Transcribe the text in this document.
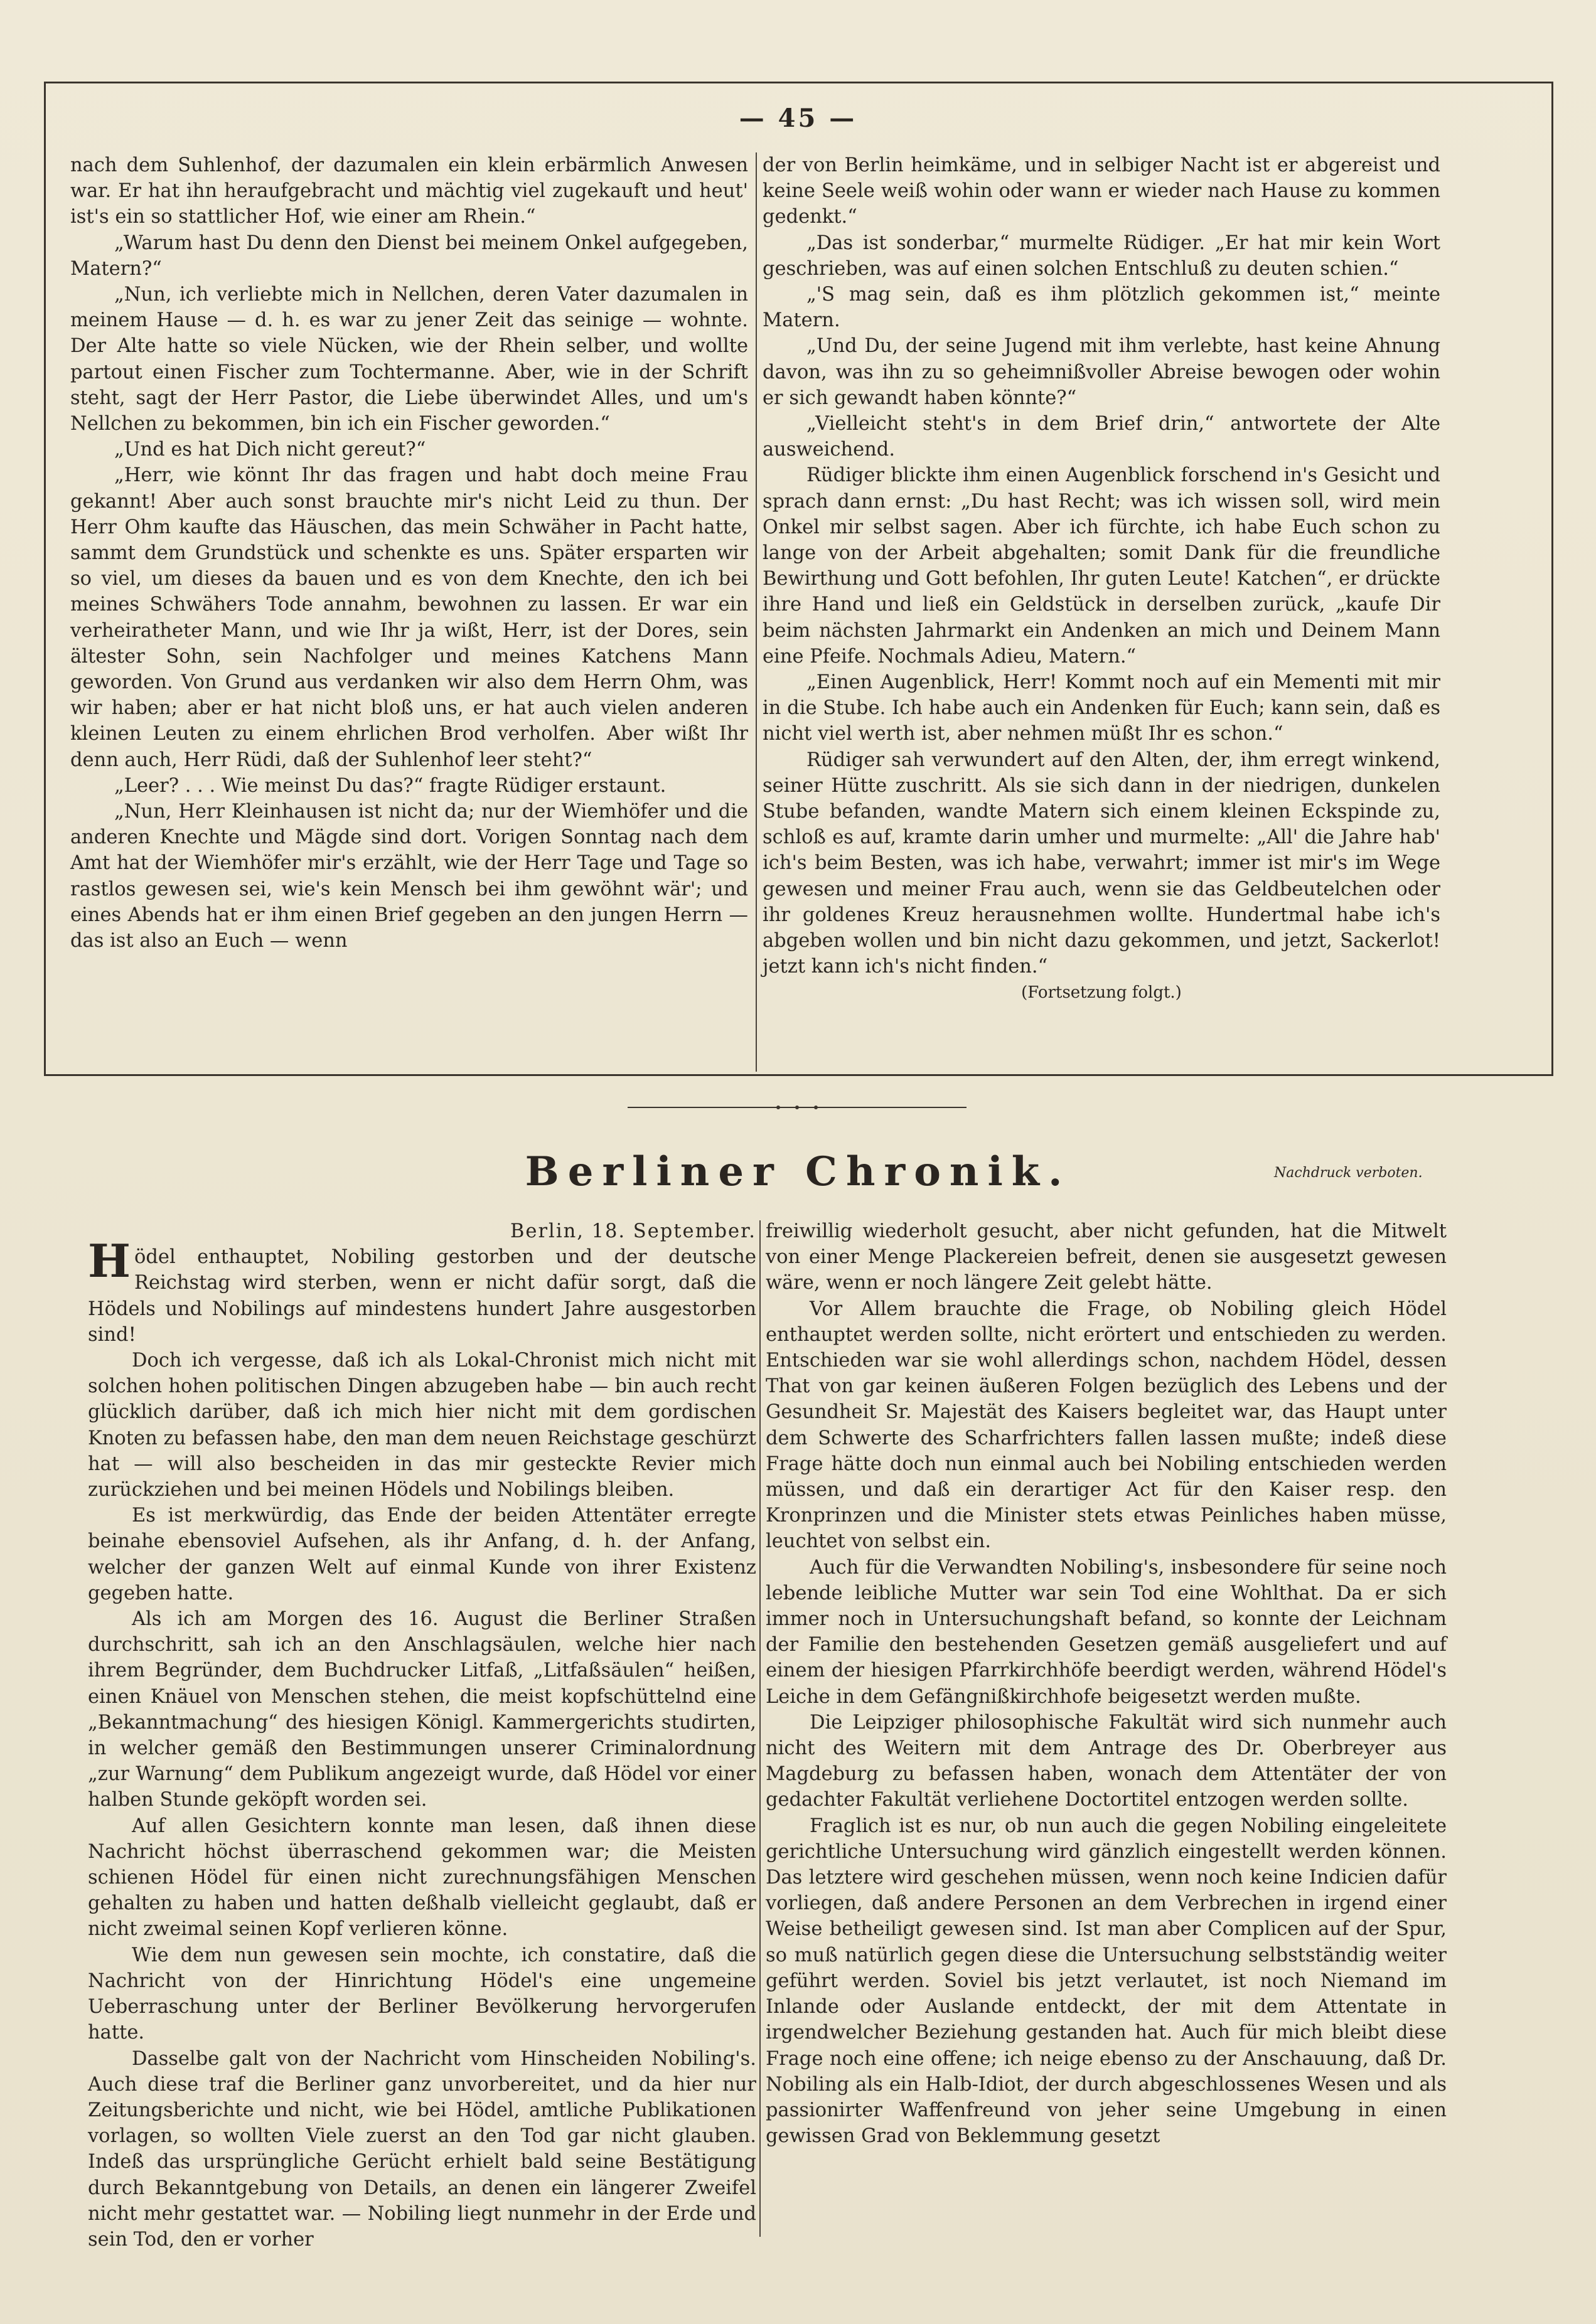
— 45 —

nach dem Suhlenhof, der dazumalen ein klein erbärmlich Anwesen war. Er hat ihn heraufgebracht und mächtig viel zugekauft und heut' ist's ein so stattlicher Hof, wie einer am Rhein.“

„Warum hast Du denn den Dienst bei meinem Onkel aufgegeben, Matern?“

„Nun, ich verliebte mich in Nellchen, deren Vater dazumalen in meinem Hause — d. h. es war zu jener Zeit das seinige — wohnte. Der Alte hatte so viele Nücken, wie der Rhein selber, und wollte partout einen Fischer zum Tochtermanne. Aber, wie in der Schrift steht, sagt der Herr Pastor, die Liebe überwindet Alles, und um's Nellchen zu bekommen, bin ich ein Fischer geworden.“

„Und es hat Dich nicht gereut?“

„Herr, wie könnt Ihr das fragen und habt doch meine Frau gekannt! Aber auch sonst brauchte mir's nicht Leid zu thun. Der Herr Ohm kaufte das Häuschen, das mein Schwäher in Pacht hatte, sammt dem Grundstück und schenkte es uns. Später ersparten wir so viel, um dieses da bauen und es von dem Knechte, den ich bei meines Schwähers Tode annahm, bewohnen zu lassen. Er war ein verheiratheter Mann, und wie Ihr ja wißt, Herr, ist der Dores, sein ältester Sohn, sein Nachfolger und meines Katchens Mann geworden. Von Grund aus verdanken wir also dem Herrn Ohm, was wir haben; aber er hat nicht bloß uns, er hat auch vielen anderen kleinen Leuten zu einem ehrlichen Brod verholfen. Aber wißt Ihr denn auch, Herr Rüdi, daß der Suhlenhof leer steht?“

„Leer? . . . Wie meinst Du das?“ fragte Rüdiger erstaunt.

„Nun, Herr Kleinhausen ist nicht da; nur der Wiemhöfer und die anderen Knechte und Mägde sind dort. Vorigen Sonntag nach dem Amt hat der Wiemhöfer mir's erzählt, wie der Herr Tage und Tage so rastlos gewesen sei, wie's kein Mensch bei ihm gewöhnt wär'; und eines Abends hat er ihm einen Brief gegeben an den jungen Herrn — das ist also an Euch — wenn

der von Berlin heimkäme, und in selbiger Nacht ist er abgereist und keine Seele weiß wohin oder wann er wieder nach Hause zu kommen gedenkt.“

„Das ist sonderbar,“ murmelte Rüdiger. „Er hat mir kein Wort geschrieben, was auf einen solchen Entschluß zu deuten schien.“

„'S mag sein, daß es ihm plötzlich gekommen ist,“ meinte Matern.

„Und Du, der seine Jugend mit ihm verlebte, hast keine Ahnung davon, was ihn zu so geheimnißvoller Abreise bewogen oder wohin er sich gewandt haben könnte?“

„Vielleicht steht's in dem Brief drin,“ antwortete der Alte ausweichend.

Rüdiger blickte ihm einen Augenblick forschend in's Gesicht und sprach dann ernst: „Du hast Recht; was ich wissen soll, wird mein Onkel mir selbst sagen. Aber ich fürchte, ich habe Euch schon zu lange von der Arbeit abgehalten; somit Dank für die freundliche Bewirthung und Gott befohlen, Ihr guten Leute! Katchen“, er drückte ihre Hand und ließ ein Geldstück in derselben zurück, „kaufe Dir beim nächsten Jahrmarkt ein Andenken an mich und Deinem Mann eine Pfeife. Nochmals Adieu, Matern.“

„Einen Augenblick, Herr! Kommt noch auf ein Mementi mit mir in die Stube. Ich habe auch ein Andenken für Euch; kann sein, daß es nicht viel werth ist, aber nehmen müßt Ihr es schon.“

Rüdiger sah verwundert auf den Alten, der, ihm erregt winkend, seiner Hütte zuschritt. Als sie sich dann in der niedrigen, dunkelen Stube befanden, wandte Matern sich einem kleinen Eckspinde zu, schloß es auf, kramte darin umher und murmelte: „All' die Jahre hab' ich's beim Besten, was ich habe, verwahrt; immer ist mir's im Wege gewesen und meiner Frau auch, wenn sie das Geldbeutelchen oder ihr goldenes Kreuz herausnehmen wollte. Hundertmal habe ich's abgeben wollen und bin nicht dazu gekommen, und jetzt, Sackerlot! jetzt kann ich's nicht finden.“

(Fortsetzung folgt.)

Berliner Chronik.	Nachdruck verboten.

Berlin, 18. September.

Hödel enthauptet, Nobiling gestorben und der deutsche Reichstag wird sterben, wenn er nicht dafür sorgt, daß die Hödels und Nobilings auf mindestens hundert Jahre ausgestorben sind!

Doch ich vergesse, daß ich als Lokal-Chronist mich nicht mit solchen hohen politischen Dingen abzugeben habe — bin auch recht glücklich darüber, daß ich mich hier nicht mit dem gordischen Knoten zu befassen habe, den man dem neuen Reichstage geschürzt hat — will also bescheiden in das mir gesteckte Revier mich zurückziehen und bei meinen Hödels und Nobilings bleiben.

Es ist merkwürdig, das Ende der beiden Attentäter erregte beinahe ebensoviel Aufsehen, als ihr Anfang, d. h. der Anfang, welcher der ganzen Welt auf einmal Kunde von ihrer Existenz gegeben hatte.

Als ich am Morgen des 16. August die Berliner Straßen durchschritt, sah ich an den Anschlagsäulen, welche hier nach ihrem Begründer, dem Buchdrucker Litfaß, „Litfaßsäulen“ heißen, einen Knäuel von Menschen stehen, die meist kopfschüttelnd eine „Bekanntmachung“ des hiesigen Königl. Kammergerichts studirten, in welcher gemäß den Bestimmungen unserer Criminalordnung „zur Warnung“ dem Publikum angezeigt wurde, daß Hödel vor einer halben Stunde geköpft worden sei.

Auf allen Gesichtern konnte man lesen, daß ihnen diese Nachricht höchst überraschend gekommen war; die Meisten schienen Hödel für einen nicht zurechnungsfähigen Menschen gehalten zu haben und hatten deßhalb vielleicht geglaubt, daß er nicht zweimal seinen Kopf verlieren könne.

Wie dem nun gewesen sein mochte, ich constatire, daß die Nachricht von der Hinrichtung Hödel's eine ungemeine Ueberraschung unter der Berliner Bevölkerung hervorgerufen hatte.

Dasselbe galt von der Nachricht vom Hinscheiden Nobiling's. Auch diese traf die Berliner ganz unvorbereitet, und da hier nur Zeitungsberichte und nicht, wie bei Hödel, amtliche Publikationen vorlagen, so wollten Viele zuerst an den Tod gar nicht glauben. Indeß das ursprüngliche Gerücht erhielt bald seine Bestätigung durch Bekanntgebung von Details, an denen ein längerer Zweifel nicht mehr gestattet war. — Nobiling liegt nunmehr in der Erde und sein Tod, den er vorher

freiwillig wiederholt gesucht, aber nicht gefunden, hat die Mitwelt von einer Menge Plackereien befreit, denen sie ausgesetzt gewesen wäre, wenn er noch längere Zeit gelebt hätte.

Vor Allem brauchte die Frage, ob Nobiling gleich Hödel enthauptet werden sollte, nicht erörtert und entschieden zu werden. Entschieden war sie wohl allerdings schon, nachdem Hödel, dessen That von gar keinen äußeren Folgen bezüglich des Lebens und der Gesundheit Sr. Majestät des Kaisers begleitet war, das Haupt unter dem Schwerte des Scharfrichters fallen lassen mußte; indeß diese Frage hätte doch nun einmal auch bei Nobiling entschieden werden müssen, und daß ein derartiger Act für den Kaiser resp. den Kronprinzen und die Minister stets etwas Peinliches haben müsse, leuchtet von selbst ein.

Auch für die Verwandten Nobiling's, insbesondere für seine noch lebende leibliche Mutter war sein Tod eine Wohlthat. Da er sich immer noch in Untersuchungshaft befand, so konnte der Leichnam der Familie den bestehenden Gesetzen gemäß ausgeliefert und auf einem der hiesigen Pfarrkirchhöfe beerdigt werden, während Hödel's Leiche in dem Gefängnißkirchhofe beigesetzt werden mußte.

Die Leipziger philosophische Fakultät wird sich nunmehr auch nicht des Weitern mit dem Antrage des Dr. Oberbreyer aus Magdeburg zu befassen haben, wonach dem Attentäter der von gedachter Fakultät verliehene Doctortitel entzogen werden sollte.

Fraglich ist es nur, ob nun auch die gegen Nobiling eingeleitete gerichtliche Untersuchung wird gänzlich eingestellt werden können. Das letztere wird geschehen müssen, wenn noch keine Indicien dafür vorliegen, daß andere Personen an dem Verbrechen in irgend einer Weise betheiligt gewesen sind. Ist man aber Complicen auf der Spur, so muß natürlich gegen diese die Untersuchung selbstständig weiter geführt werden. Soviel bis jetzt verlautet, ist noch Niemand im Inlande oder Auslande entdeckt, der mit dem Attentate in irgendwelcher Beziehung gestanden hat. Auch für mich bleibt diese Frage noch eine offene; ich neige ebenso zu der Anschauung, daß Dr. Nobiling als ein Halb-Idiot, der durch abgeschlossenes Wesen und als passionirter Waffenfreund von jeher seine Umgebung in einen gewissen Grad von Beklemmung gesetzt
